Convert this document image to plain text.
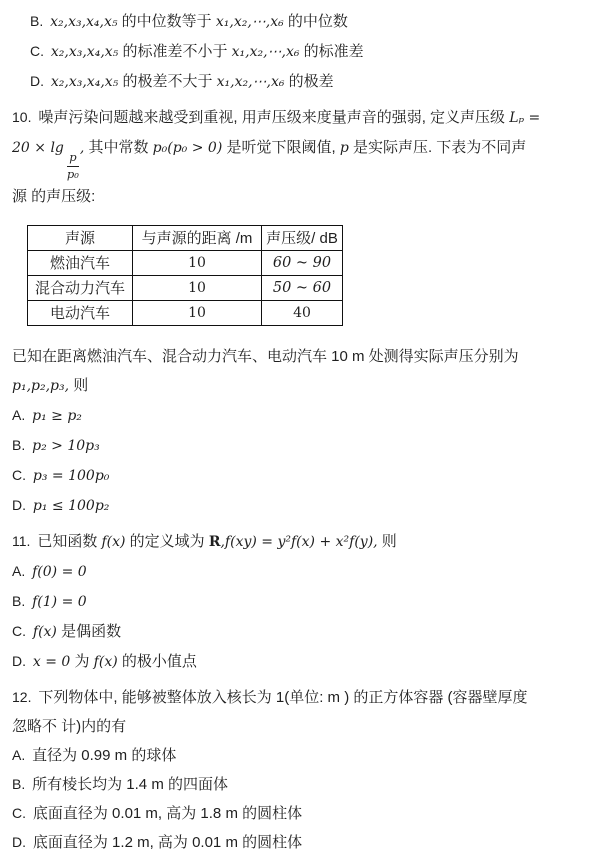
B. x₂,x₃,x₄,x₅ 的中位数等于 x₁,x₂,⋯,x₆ 的中位数
C. x₂,x₃,x₄,x₅ 的标准差不小于 x₁,x₂,⋯,x₆ 的标准差
D. x₂,x₃,x₄,x₅ 的极差不大于 x₁,x₂,⋯,x₆ 的极差
10. 噪声污染问题越来越受到重视, 用声压级来度量声音的强弱, 定义声压级 Lₚ =
20 × lg
$\frac{p}{\text{p₀}}$
, 其中常数 p₀(p₀ > 0) 是听觉下限阈值, p 是实际声压. 下表为不同声
源 的声压级:
声源	与声源的距离 /m	声压级/ dB
燃油汽车	10	60 ~ 90
混合动力汽车	10	50 ~ 60
电动汽车	10	40
已知在距离燃油汽车、混合动力汽车、电动汽车 10 m 处测得实际声压分别为
p₁,p₂,p₃, 则
A. p₁ ≥ p₂
B. p₂ > 10p₃
C. p₃ = 100p₀
D. p₁ ≤ 100p₂
11. 已知函数 f(x) 的定义域为 R,f(xy) = y²f(x) + x²f(y), 则
A. f(0) = 0
B. f(1) = 0
C. f(x) 是偶函数
D. x = 0 为 f(x) 的极小值点
12. 下列物体中, 能够被整体放入核长为 1(单位: m ) 的正方体容器 (容器壁厚度
忽略不 计)内的有
A. 直径为 0.99 m 的球体
B. 所有棱长均为 1.4 m 的四面体
C. 底面直径为 0.01 m, 高为 1.8 m 的圆柱体
D. 底面直径为 1.2 m, 高为 0.01 m 的圆柱体
